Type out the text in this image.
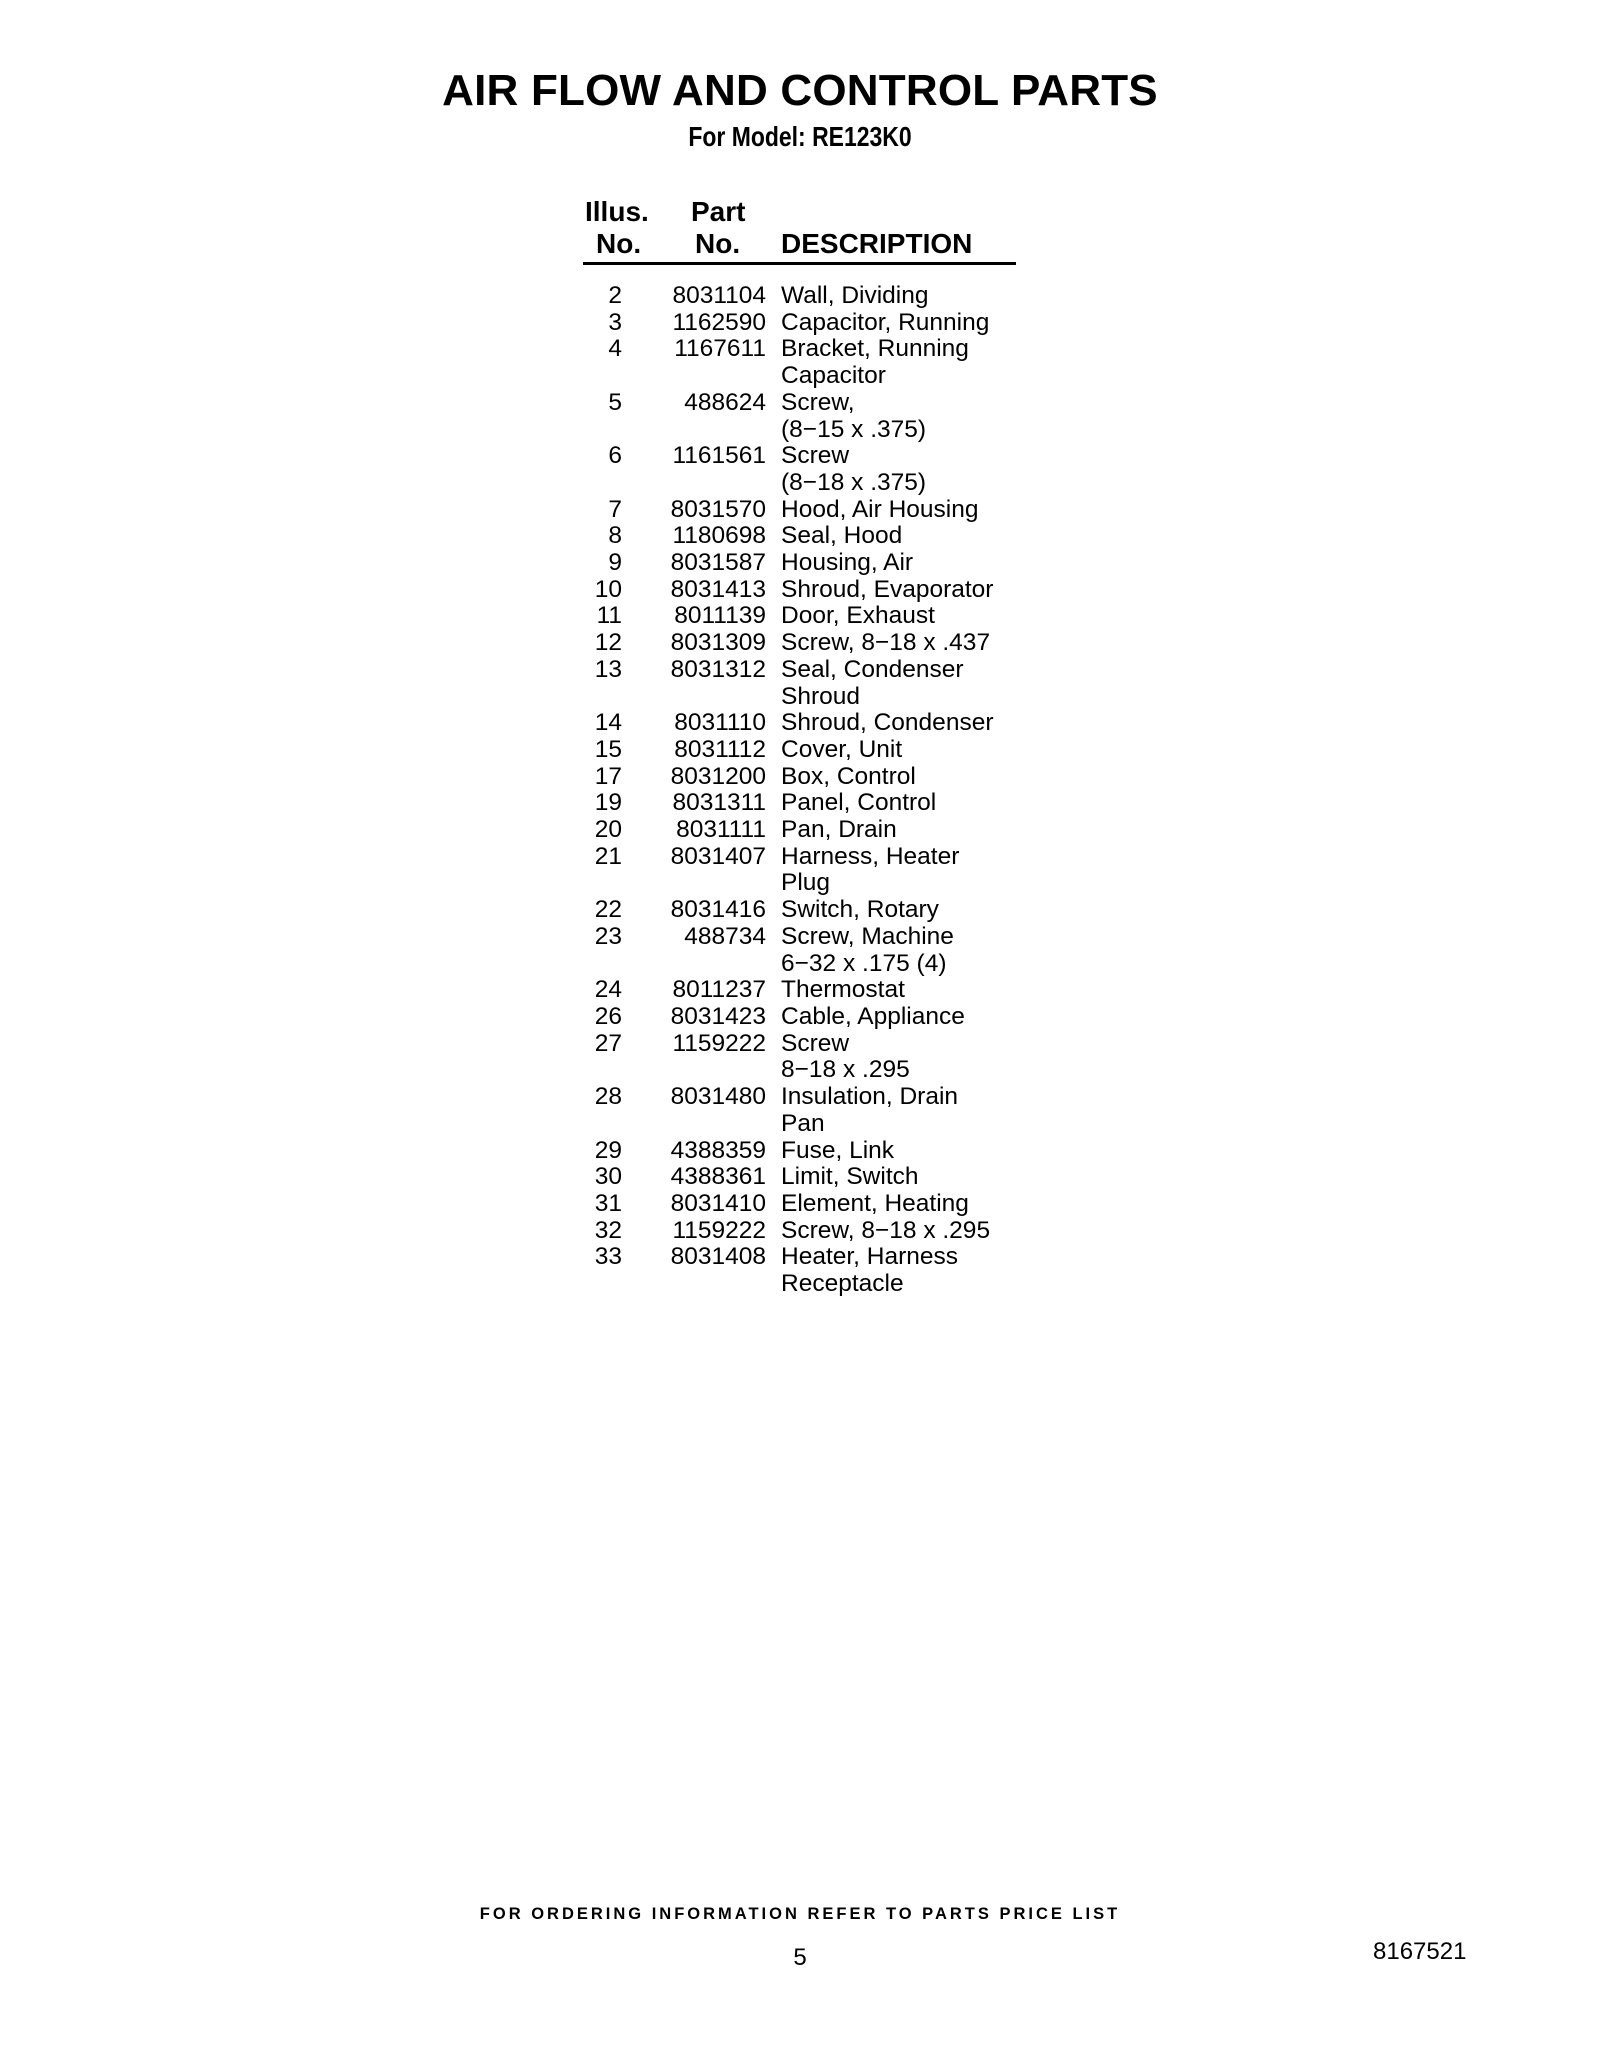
AIR FLOW AND CONTROL PARTS
For Model: RE123K0
Illus.
No.
Part
No. DESCRIPTION
2	8031104 Wall, Dividing
3	1162590 Capacitor, Running
4	1167611 Bracket, Running
Capacitor
5	488624 Screw,
(8−15 x .375)
6	1161561 Screw
(8−18 x .375)
7	8031570 Hood, Air Housing
8	1180698 Seal, Hood
9	8031587 Housing, Air
10	8031413 Shroud, Evaporator
11	8011139 Door, Exhaust
12	8031309 Screw, 8−18 x .437
13	8031312 Seal, Condenser
Shroud
14	8031110 Shroud, Condenser
15	8031112 Cover, Unit
17	8031200 Box, Control
19	8031311 Panel, Control
20	8031111 Pan, Drain
21	8031407 Harness, Heater
Plug
22	8031416 Switch, Rotary
23	488734 Screw, Machine
6−32 x .175 (4)
24	8011237 Thermostat
26	8031423 Cable, Appliance
27	1159222 Screw
8−18 x .295
28	8031480 Insulation, Drain
Pan
29	4388359 Fuse, Link
30	4388361 Limit, Switch
31	8031410 Element, Heating
32	1159222 Screw, 8−18 x .295
33	8031408 Heater, Harness
Receptacle
FOR ORDERING INFORMATION REFER TO PARTS PRICE LIST
5	8167521
